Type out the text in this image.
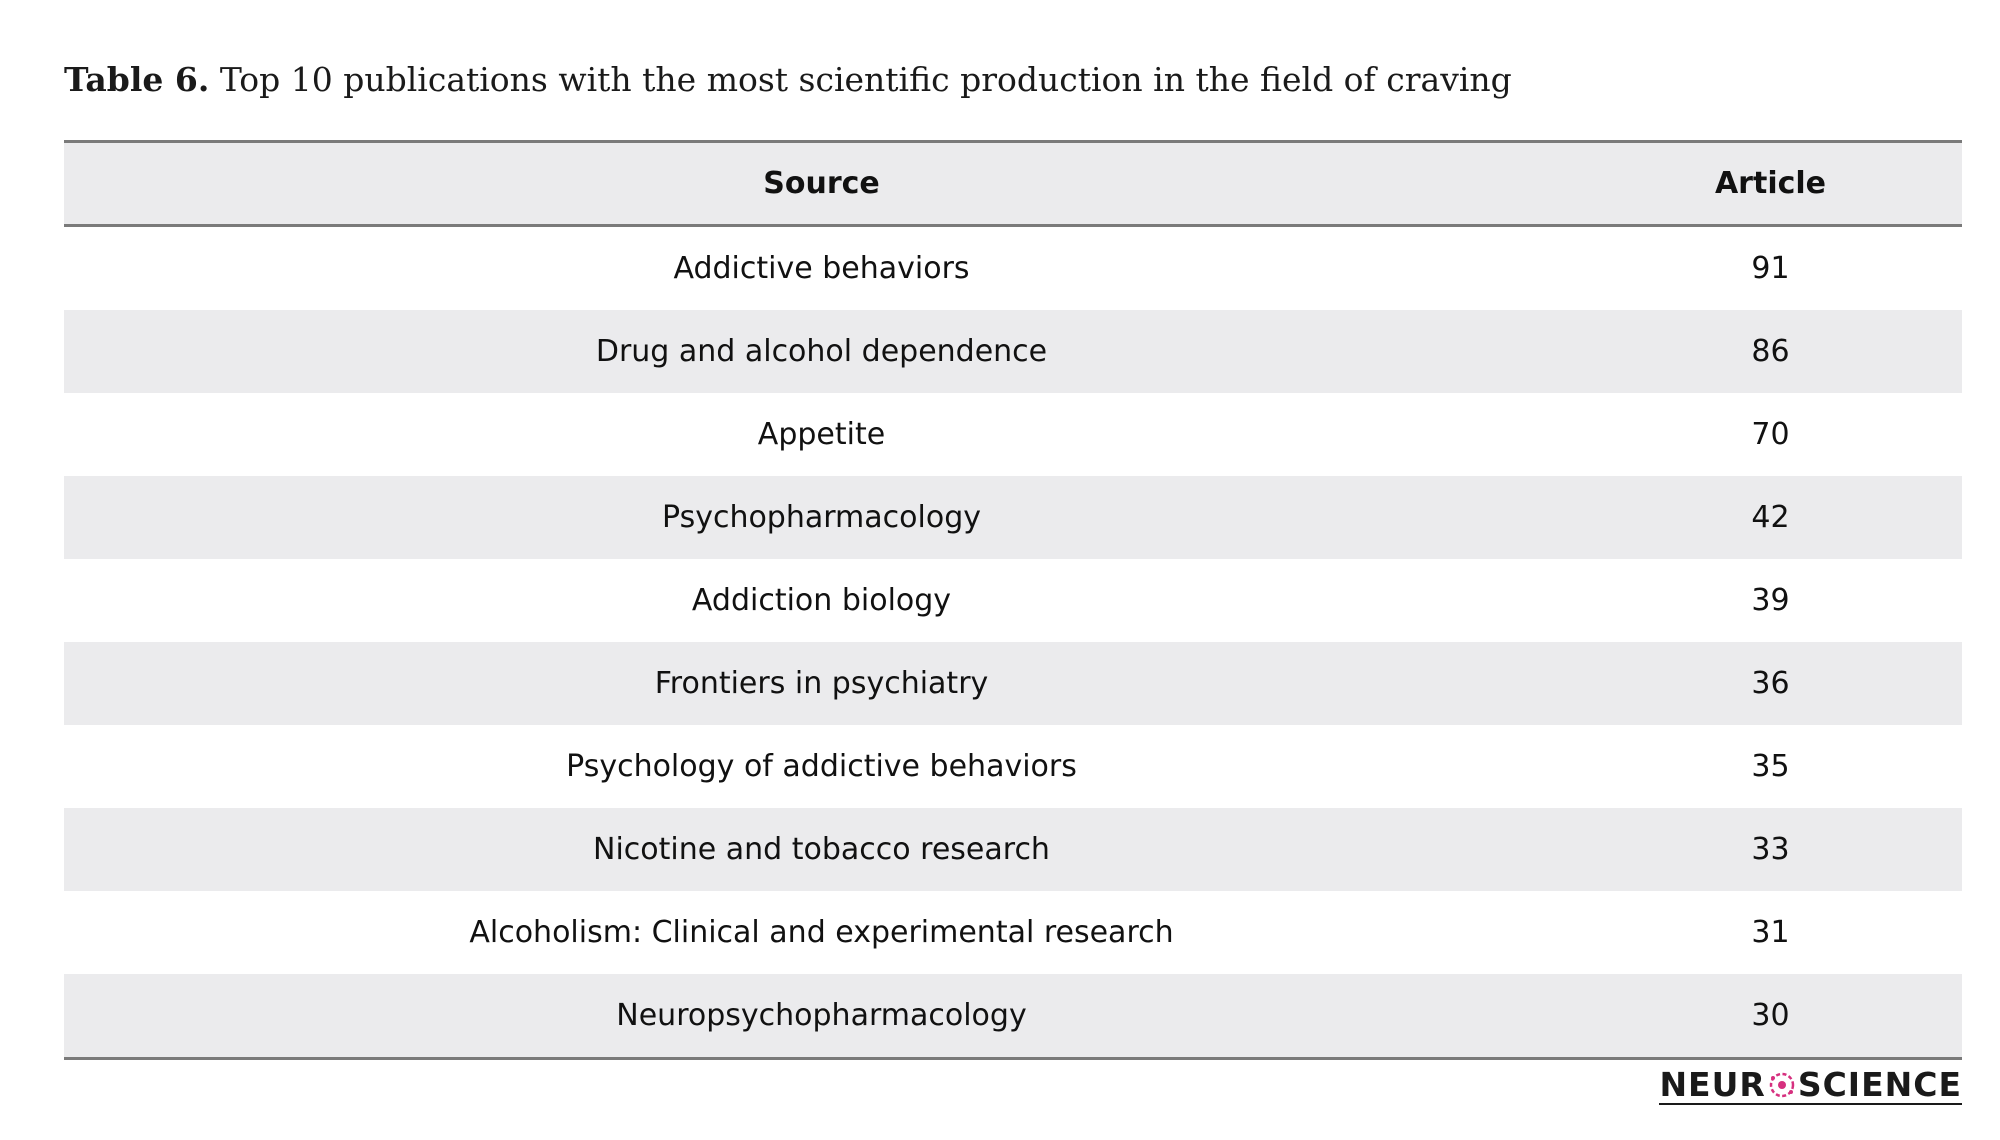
Table 6. Top 10 publications with the most scientific production in the field of craving
Source	Article
Addictive behaviors	91
Drug and alcohol dependence	86
Appetite	70
Psychopharmacology	42
Addiction biology	39
Frontiers in psychiatry	36
Psychology of addictive behaviors	35
Nicotine and tobacco research	33
Alcoholism: Clinical and experimental research	31
Neuropsychopharmacology	30
NEUR SCIENCE
